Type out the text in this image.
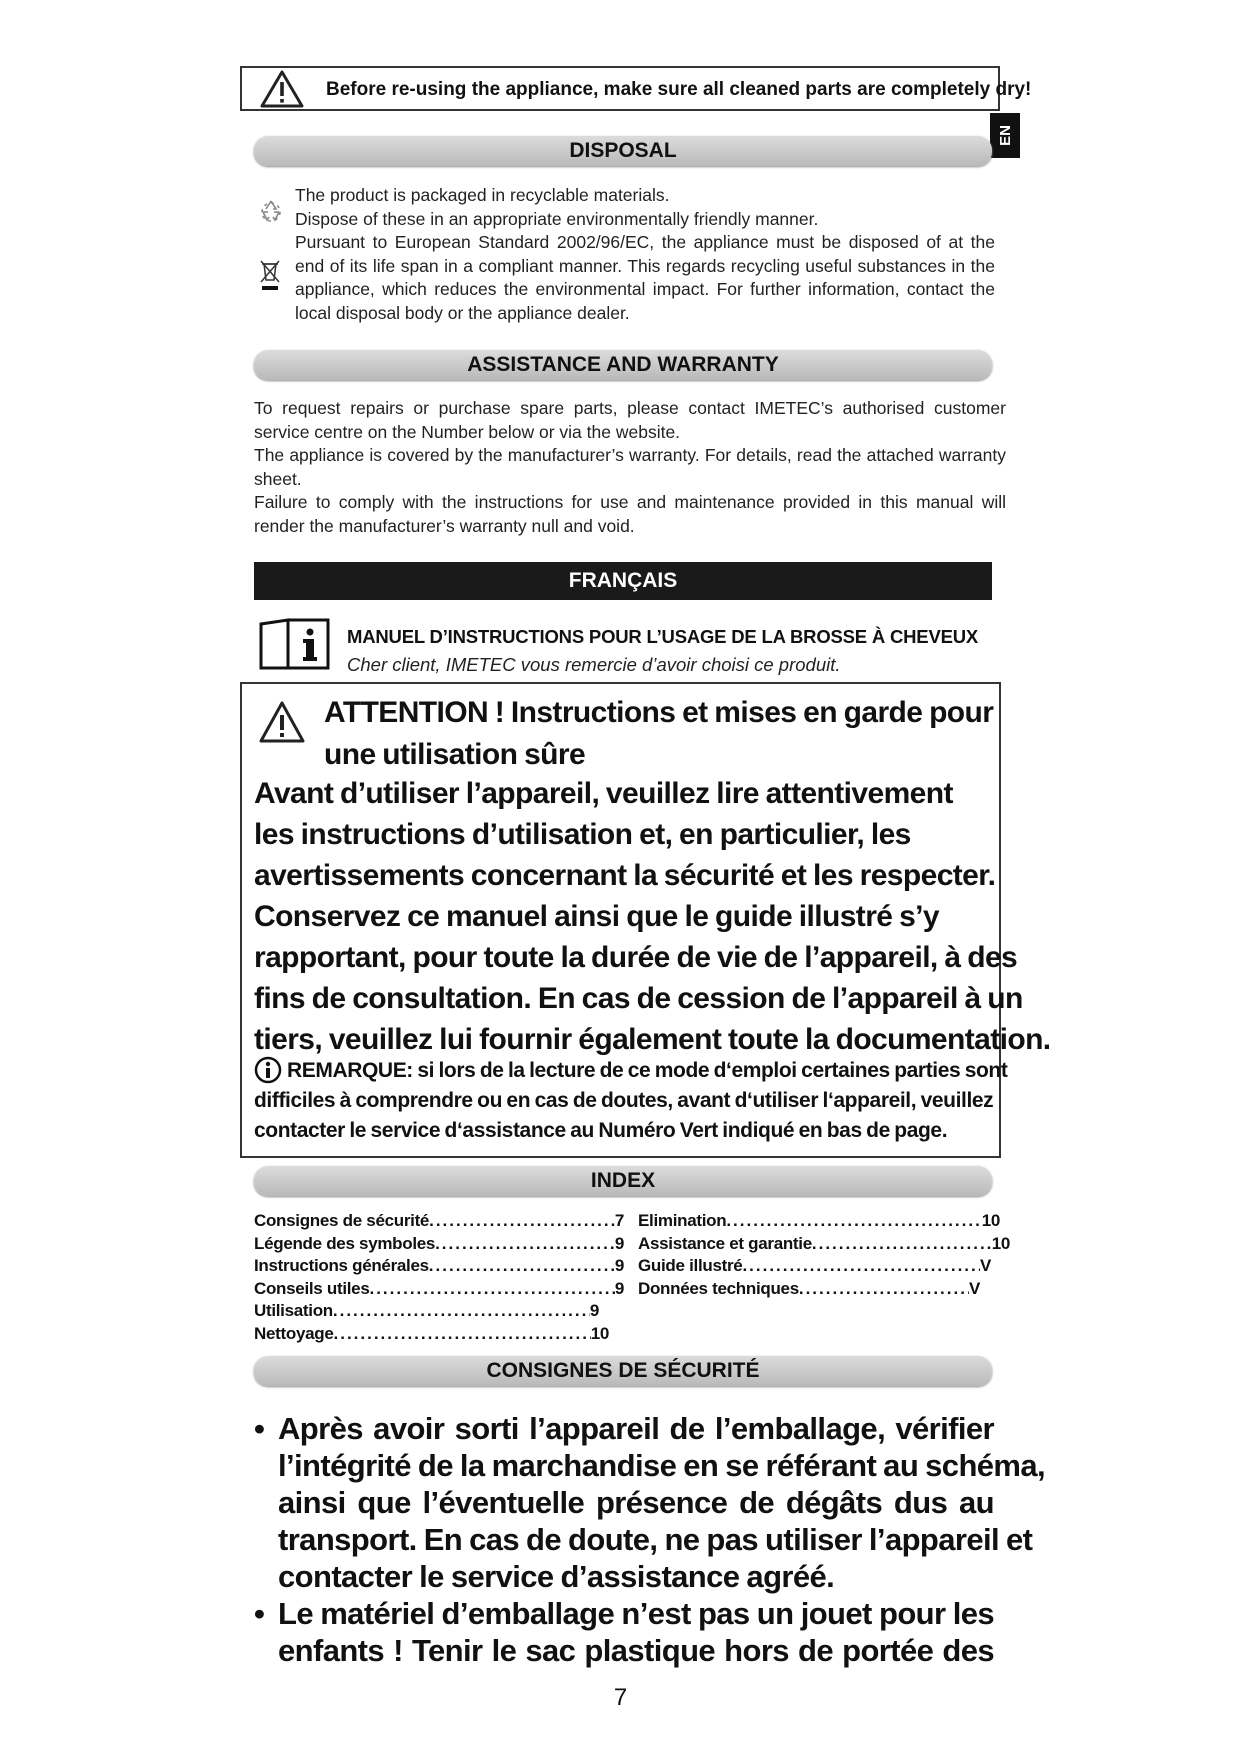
Before re-using the appliance, make sure all cleaned parts are completely dry!
EN
DISPOSAL
The product is packaged in recyclable materials.
Dispose of these in an appropriate environmentally friendly manner.
Pursuant to European Standard 2002/96/EC, the appliance must be disposed of at the
end of its life span in a compliant manner. This regards recycling useful substances in the
appliance, which reduces the environmental impact. For further information, contact the
local disposal body or the appliance dealer.
ASSISTANCE AND WARRANTY
To request repairs or purchase spare parts, please contact IMETEC’s authorised customer
service centre on the Number below or via the website.
The appliance is covered by the manufacturer’s warranty. For details, read the attached warranty
sheet.
Failure to comply with the instructions for use and maintenance provided in this manual will
render the manufacturer’s warranty null and void.
FRANÇAIS
MANUEL D’INSTRUCTIONS POUR L’USAGE DE LA BROSSE À CHEVEUX
Cher client, IMETEC vous remercie d’avoir choisi ce produit.
ATTENTION ! Instructions et mises en garde pour
une utilisation sûre
Avant d’utiliser l’appareil, veuillez lire attentivement
les instructions d’utilisation et, en particulier, les
avertissements concernant la sécurité et les respecter.
Conservez ce manuel ainsi que le guide illustré s’y
rapportant, pour toute la durée de vie de l’appareil, à des
fins de consultation. En cas de cession de l’appareil à un
tiers, veuillez lui fournir également toute la documentation.
REMARQUE: si lors de la lecture de ce mode d‘emploi certaines parties sont
difficiles à comprendre ou en cas de doutes, avant d‘utiliser l‘appareil, veuillez
contacter le service d‘assistance au Numéro Vert indiqué en bas de page.
INDEX
Consignes de sécurité .....	7
Légende des symboles .....	9
Instructions générales .....	9
Conseils utiles .....	9
Utilisation .....	9
Nettoyage .....	10
Elimination .....	10
Assistance et garantie .....	10
Guide illustré .....	V
Données techniques .....	V
CONSIGNES DE SÉCURITÉ
• Après avoir sorti l’appareil de l’emballage, vérifier
l’intégrité de la marchandise en se référant au schéma,
ainsi que l’éventuelle présence de dégâts dus au
transport. En cas de doute, ne pas utiliser l’appareil et
contacter le service d’assistance agréé.
• Le matériel d’emballage n’est pas un jouet pour les
enfants ! Tenir le sac plastique hors de portée des
7
